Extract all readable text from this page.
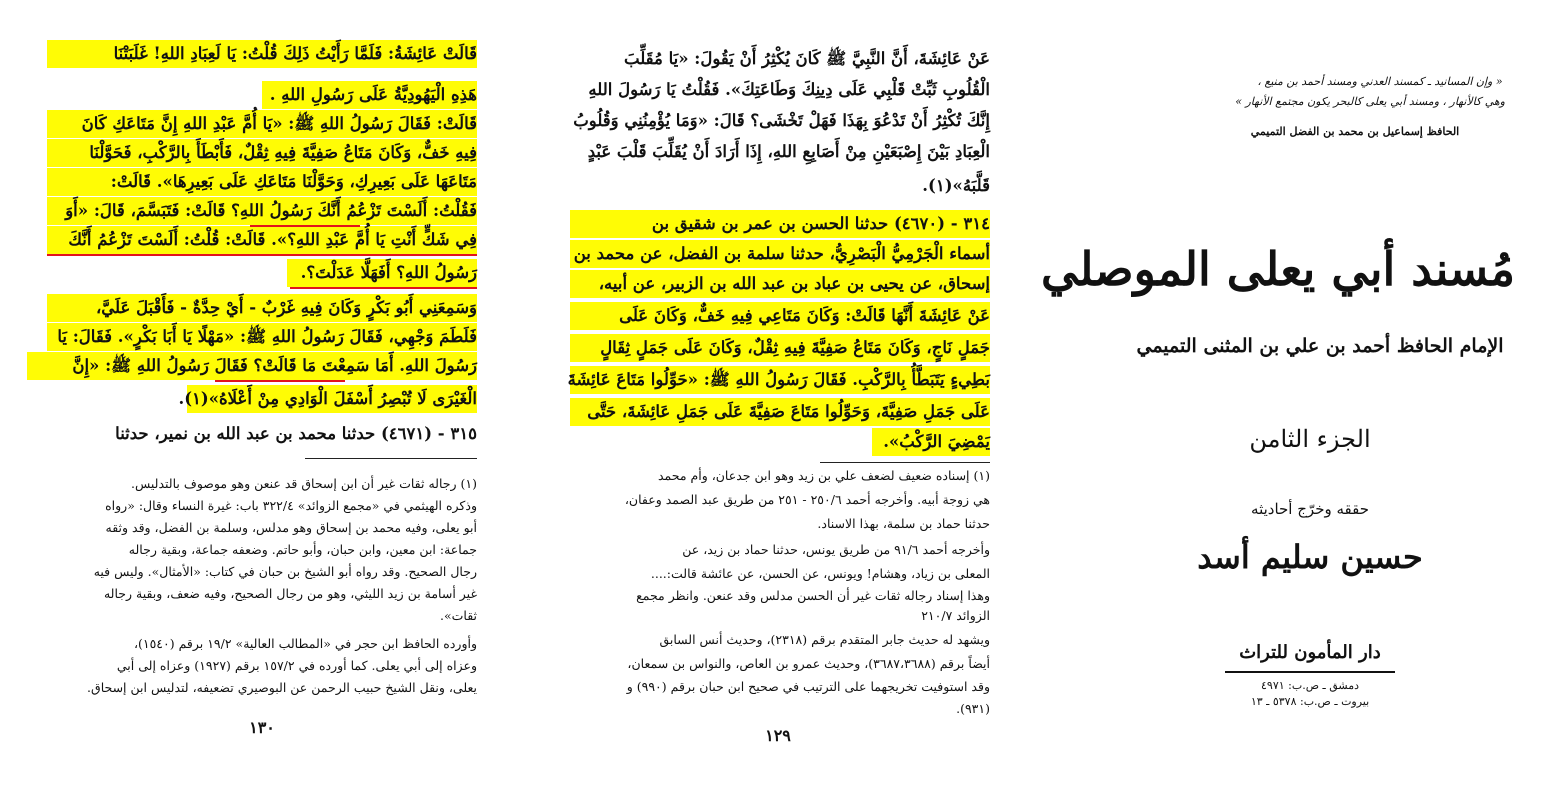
قَالَتْ عَائِشَةُ: فَلَمَّا رَأَيْتُ ذَلِكَ قُلْتُ: يَا لَعِبَادِ اللهِ! غَلَبَتْنَا
هَذِهِ الْيَهُودِيَّةُ عَلَى رَسُولِ اللهِ .
قَالَتْ: فَقَالَ رَسُولُ اللهِ ﷺ: «يَا أُمَّ عَبْدِ اللهِ إِنَّ مَتَاعَكِ كَانَ
فِيهِ خَفٌّ، وَكَانَ مَتَاعُ صَفِيَّةَ فِيهِ ثِقْلٌ، فَأَبْطَأَ بِالرَّكْبِ، فَحَوَّلْنَا
مَتَاعَهَا عَلَى بَعِيرِكِ، وَحَوَّلْنَا مَتَاعَكِ عَلَى بَعِيرِهَا». قَالَتْ:
فَقُلْتُ: أَلَسْتَ تَزْعُمُ أَنَّكَ رَسُولُ اللهِ؟ قَالَتْ: فَتَبَسَّمَ، قَالَ: «أَوَ
فِي شَكٍّ أَنْتِ يَا أُمَّ عَبْدِ اللهِ؟». قَالَتْ: قُلْتُ: أَلَسْتَ تَزْعُمُ أَنَّكَ
رَسُولُ اللهِ؟ أَفَهَلَّا عَدَلْتَ؟.
وَسَمِعَنِي أَبُو بَكْرٍ وَكَانَ فِيهِ غَرْبٌ - أَيْ حِدَّةٌ - فَأَقْبَلَ عَلَيَّ،
فَلَطَمَ وَجْهِي، فَقَالَ رَسُولُ اللهِ ﷺ: «مَهْلًا يَا أَبَا بَكْرٍ». فَقَالَ: يَا
رَسُولَ اللهِ. أَمَا سَمِعْتَ مَا قَالَتْ؟ فَقَالَ رَسُولُ اللهِ ﷺ: «إِنَّ
الْغَيْرَى لَا تُبْصِرُ أَسْفَلَ الْوَادِي مِنْ أَعْلَاهُ»(١).
٣١٥ - (٤٦٧١) حدثنا محمد بن عبد الله بن نمير، حدثنا
(١) رجاله ثقات غير أن ابن إسحاق قد عنعن وهو موصوف بالتدليس.
وذكره الهيثمي في «مجمع الزوائد» ٣٢٢/٤ باب: غيرة النساء وقال: «رواه
أبو يعلى، وفيه محمد بن إسحاق وهو مدلس، وسلمة بن الفضل، وقد وثقه
جماعة: ابن معين، وابن حبان، وأبو حاتم. وضعفه جماعة، وبقية رجاله
رجال الصحيح. وقد رواه أبو الشيخ بن حبان في كتاب: «الأمثال». وليس فيه
غير أسامة بن زيد الليثي، وهو من رجال الصحيح، وفيه ضعف، وبقية رجاله
ثقات».
وأورده الحافظ ابن حجر في «المطالب العالية» ١٩/٢ برقم (١٥٤٠)،
وعزاه إلى أبي يعلى. كما أورده في ١٥٧/٢ برقم (١٩٢٧) وعزاه إلى أبي
يعلى، ونقل الشيخ حبيب الرحمن عن البوصيري تضعيفه، لتدليس ابن إسحاق.
١٣٠
عَنْ عَائِشَةَ، أَنَّ النَّبِيَّ ﷺ كَانَ يُكْثِرُ أَنْ يَقُولَ: «يَا مُقَلِّبَ
الْقُلُوبِ ثَبِّتْ قَلْبِي عَلَى دِينِكَ وَطَاعَتِكَ». فَقُلْتُ يَا رَسُولَ اللهِ
إِنَّكَ تُكْثِرُ أَنْ تَدْعُوَ بِهَذَا فَهَلْ تَخْشَى؟ قَالَ: «وَمَا يُؤْمِنُنِي وَقُلُوبُ
الْعِبَادِ بَيْنَ إِصْبَعَيْنِ مِنْ أَصَابِعِ اللهِ، إِذَا أَرَادَ أَنْ يُقَلِّبَ قَلْبَ عَبْدٍ
قَلَّبَهُ»(١).
٣١٤ - (٤٦٧٠) حدثنا الحسن بن عمر بن شقيق بن
أسماء الْجَرْمِيُّ الْبَصْرِيُّ، حدثنا سلمة بن الفضل، عن محمد بن
إسحاق، عن يحيى بن عباد بن عبد الله بن الزبير، عن أبيه،
عَنْ عَائِشَةَ أَنَّهَا قَالَتْ: وَكَانَ مَتَاعِي فِيهِ خَفٌّ، وَكَانَ عَلَى
جَمَلٍ نَاجٍ، وَكَانَ مَتَاعُ صَفِيَّةَ فِيهِ ثِقْلٌ، وَكَانَ عَلَى جَمَلٍ ثِقَالٍ
بَطِيءٍ يَتَبَطَّأُ بِالرَّكْبِ. فَقَالَ رَسُولُ اللهِ ﷺ: «حَوِّلُوا مَتَاعَ عَائِشَةَ
عَلَى جَمَلِ صَفِيَّةَ، وَحَوِّلُوا مَتَاعَ صَفِيَّةَ عَلَى جَمَلِ عَائِشَةَ، حَتَّى
يَمْضِيَ الرَّكْبُ».
(١) إسناده ضعيف لضعف علي بن زيد وهو ابن جدعان، وأم محمد
هي زوجة أبيه. وأخرجه أحمد ٢٥٠/٦ - ٢٥١ من طريق عبد الصمد وعفان،
حدثنا حماد بن سلمة، بهذا الاسناد.
وأخرجه أحمد ٩١/٦ من طريق يونس، حدثنا حماد بن زيد، عن
المعلى بن زياد، وهشام! ويونس، عن الحسن، عن عائشة قالت:....
وهذا إسناد رجاله ثقات غير أن الحسن مدلس وقد عنعن. وانظر مجمع
الزوائد ٢١٠/٧
ويشهد له حديث جابر المتقدم برقم (٢٣١٨)، وحديث أنس السابق
أيضاً برقم (٣٦٨٧،٣٦٨٨)، وحديث عمرو بن العاص، والنواس بن سمعان،
وقد استوفيت تخريجهما على الترتيب في صحيح ابن حبان برقم (٩٩٠) و
(٩٣١).
١٢٩
« وإن المسانيد ـ كمسند العدني ومسند أحمد بن منيع ،
وهي كالأنهار ، ومسند أبي يعلى كالبحر يكون مجتمع الأنهار »
الحافظ إسماعيل بن محمد بن الفضل التميمي
مُسند أبي يعلى الموصلي
الإمام الحافظ أحمد بن علي بن المثنى التميمي
الجزء الثامن
حققه وخرّج أحاديثه
حسين سليم أسد
دار المأمون للتراث
دمشق ـ ص.ب: ٤٩٧١
بيروت ـ ص.ب: ٥٣٧٨ ـ ١٣
